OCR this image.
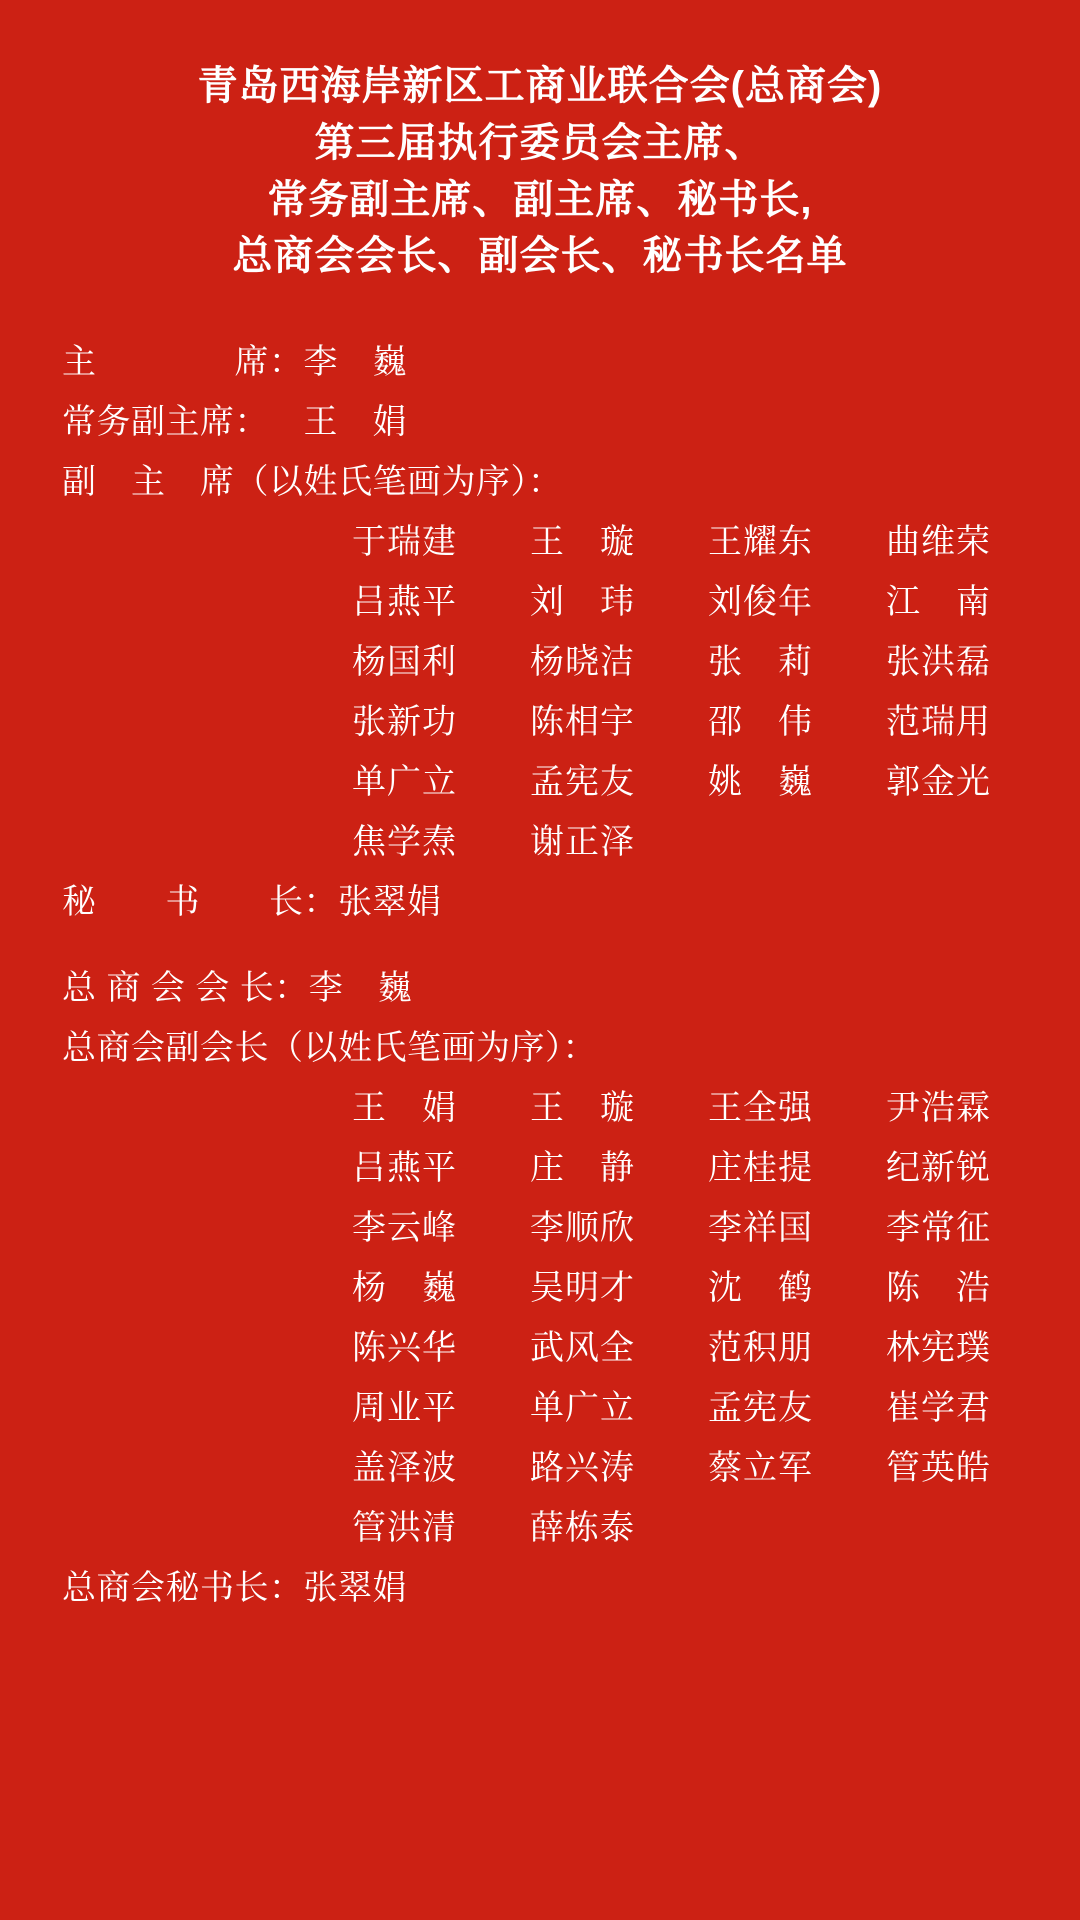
青岛西海岸新区工商业联合会(总商会)
第三届执行委员会主席、
常务副主席、副主席、秘书长,
总商会会长、副会长、秘书长名单
主　　　　席：李　巍
常务副主席：　王　娟
副　主　席（以姓氏笔画为序）：
于瑞建 王　璇 王耀东 曲维荣
吕燕平 刘　玮 刘俊年 江　南
杨国利 杨晓洁 张　莉 张洪磊
张新功 陈相宇 邵　伟 范瑞用
单广立 孟宪友 姚　巍 郭金光
焦学焘 谢正泽
秘　　书　　长：张翠娟
总 商 会 会 长：李　巍
总商会副会长（以姓氏笔画为序）：
王　娟 王　璇 王全强 尹浩霖
吕燕平 庄　静 庄桂提 纪新锐
李云峰 李顺欣 李祥国 李常征
杨　巍 吴明才 沈　鹤 陈　浩
陈兴华 武风全 范积朋 林宪璞
周业平 单广立 孟宪友 崔学君
盖泽波 路兴涛 蔡立军 管英皓
管洪清 薛栋泰
总商会秘书长：张翠娟
